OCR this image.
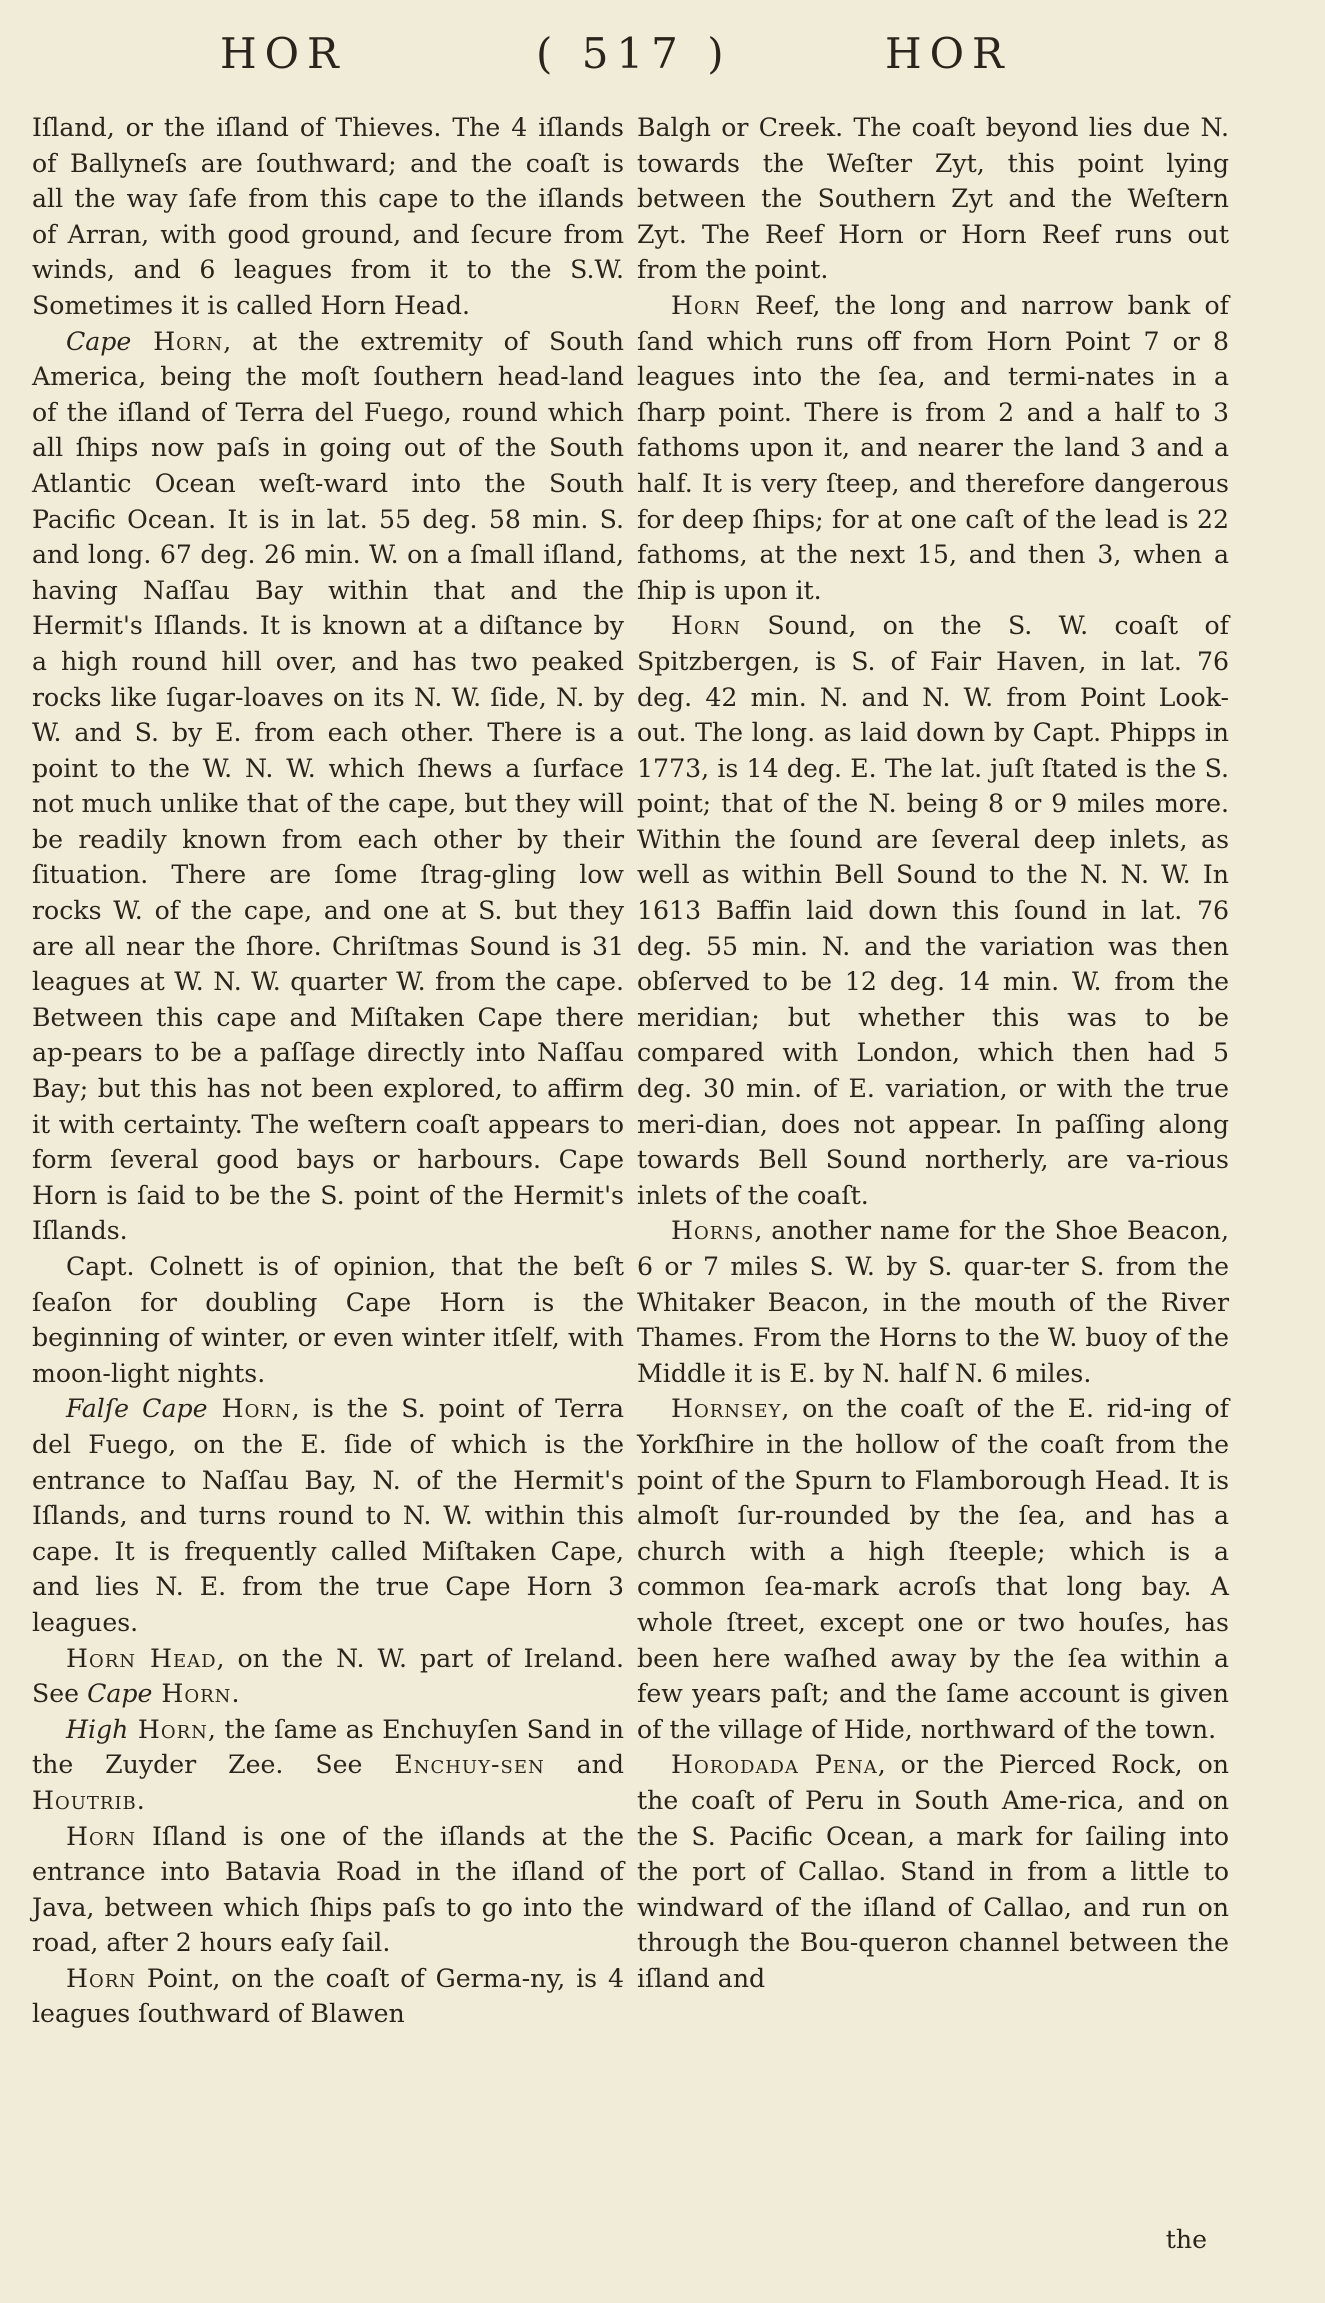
HOR	( 517 )	HOR

Iſland, or the iſland of Thieves. The 4 iſlands of Ballyneſs are ſouthward; and the coaſt is all the way ſafe from this cape to the iſlands of Arran, with good ground, and ſecure from winds, and 6 leagues from it to the S.W. Sometimes it is called Horn Head.

Cape Horn, at the extremity of South America, being the moſt ſouthern head-land of the iſland of Terra del Fuego, round which all ſhips now paſs in going out of the South Atlantic Ocean weſt-ward into the South Pacific Ocean. It is in lat. 55 deg. 58 min. S. and long. 67 deg. 26 min. W. on a ſmall iſland, having Naſſau Bay within that and the Hermit's Iſlands. It is known at a diſtance by a high round hill over, and has two peaked rocks like ſugar-loaves on its N. W. ſide, N. by W. and S. by E. from each other. There is a point to the W. N. W. which ſhews a ſurface not much unlike that of the cape, but they will be readily known from each other by their ſituation. There are ſome ſtrag-gling low rocks W. of the cape, and one at S. but they are all near the ſhore. Chriſtmas Sound is 31 leagues at W. N. W. quarter W. from the cape. Between this cape and Miſtaken Cape there ap-pears to be a paſſage directly into Naſſau Bay; but this has not been explored, to affirm it with certainty. The weſtern coaſt appears to form ſeveral good bays or harbours. Cape Horn is ſaid to be the S. point of the Hermit's Iſlands.

Capt. Colnett is of opinion, that the beſt ſeaſon for doubling Cape Horn is the beginning of winter, or even winter itſelf, with moon-light nights.

Falſe Cape Horn, is the S. point of Terra del Fuego, on the E. ſide of which is the entrance to Naſſau Bay, N. of the Hermit's Iſlands, and turns round to N. W. within this cape. It is frequently called Miſtaken Cape, and lies N. E. from the true Cape Horn 3 leagues.

Horn Head, on the N. W. part of Ireland. See Cape Horn.

High Horn, the ſame as Enchuyſen Sand in the Zuyder Zee. See Enchuy-sen and Houtrib.

Horn Iſland is one of the iſlands at the entrance into Batavia Road in the iſland of Java, between which ſhips paſs to go into the road, after 2 hours eaſy ſail.

Horn Point, on the coaſt of Germa-ny, is 4 leagues ſouthward of Blawen

Balgh or Creek. The coaſt beyond lies due N. towards the Weſter Zyt, this point lying between the Southern Zyt and the Weſtern Zyt. The Reef Horn or Horn Reef runs out from the point.

Horn Reef, the long and narrow bank of ſand which runs off from Horn Point 7 or 8 leagues into the ſea, and termi-nates in a ſharp point. There is from 2 and a half to 3 fathoms upon it, and nearer the land 3 and a half. It is very ſteep, and therefore dangerous for deep ſhips; for at one caſt of the lead is 22 fathoms, at the next 15, and then 3, when a ſhip is upon it.

Horn Sound, on the S. W. coaſt of Spitzbergen, is S. of Fair Haven, in lat. 76 deg. 42 min. N. and N. W. from Point Look-out. The long. as laid down by Capt. Phipps in 1773, is 14 deg. E. The lat. juſt ſtated is the S. point; that of the N. being 8 or 9 miles more. Within the ſound are ſeveral deep inlets, as well as within Bell Sound to the N. N. W. In 1613 Baffin laid down this ſound in lat. 76 deg. 55 min. N. and the variation was then obſerved to be 12 deg. 14 min. W. from the meridian; but whether this was to be compared with London, which then had 5 deg. 30 min. of E. variation, or with the true meri-dian, does not appear. In paſſing along towards Bell Sound northerly, are va-rious inlets of the coaſt.

Horns, another name for the Shoe Beacon, 6 or 7 miles S. W. by S. quar-ter S. from the Whitaker Beacon, in the mouth of the River Thames. From the Horns to the W. buoy of the Middle it is E. by N. half N. 6 miles.

Hornsey, on the coaſt of the E. rid-ing of Yorkſhire in the hollow of the coaſt from the point of the Spurn to Flamborough Head. It is almoſt ſur-rounded by the ſea, and has a church with a high ſteeple; which is a common ſea-mark acroſs that long bay. A whole ſtreet, except one or two houſes, has been here waſhed away by the ſea within a few years paſt; and the ſame account is given of the village of Hide, northward of the town.

Horodada Pena, or the Pierced Rock, on the coaſt of Peru in South Ame-rica, and on the S. Pacific Ocean, a mark for ſailing into the port of Callao. Stand in from a little to windward of the iſland of Callao, and run on through the Bou-queron channel between the iſland and

the
